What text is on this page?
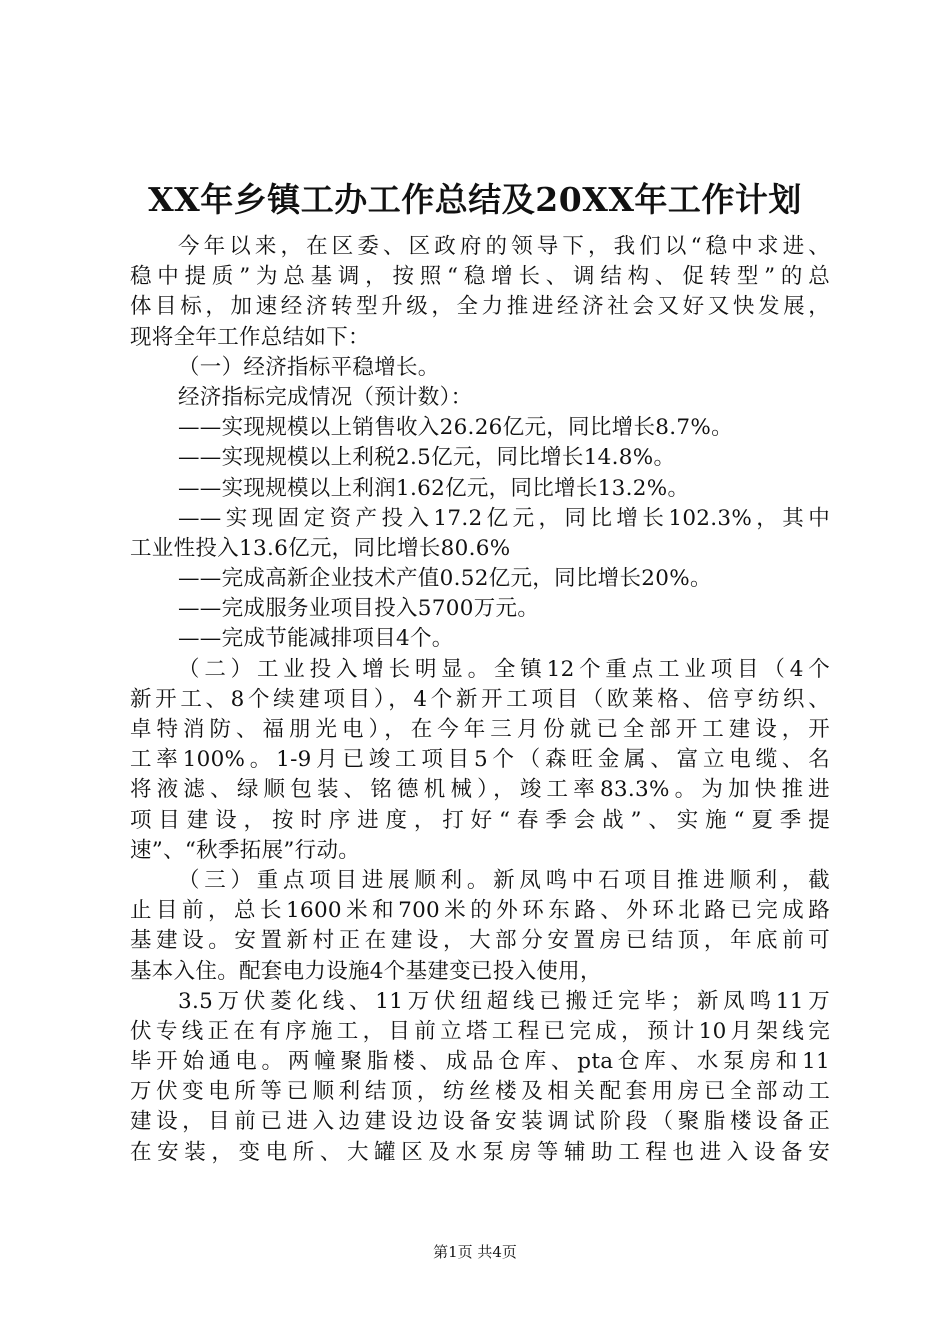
XX年乡镇工办工作总结及20XX年工作计划
今年以来，在区委、区政府的领导下，我们以“稳中求进、
稳中提质”为总基调，按照“稳增长、调结构、促转型”的总
体目标，加速经济转型升级，全力推进经济社会又好又快发展，
现将全年工作总结如下：
（一）经济指标平稳增长。
经济指标完成情况（预计数）：
——实现规模以上销售收入26.26亿元，同比增长8.7%。
——实现规模以上利税2.5亿元，同比增长14.8%。
——实现规模以上利润1.62亿元，同比增长13.2%。
——实现固定资产投入17.2亿元，同比增长102.3%，其中
工业性投入13.6亿元，同比增长80.6%
——完成高新企业技术产值0.52亿元，同比增长20%。
——完成服务业项目投入5700万元。
——完成节能减排项目4个。
（二）工业投入增长明显。全镇12个重点工业项目（4个
新开工、8个续建项目），4个新开工项目（欧莱格、倍亨纺织、
卓特消防、福朋光电），在今年三月份就已全部开工建设，开
工率100%。1-9月已竣工项目5个（森旺金属、富立电缆、名
将液滤、绿顺包装、铭德机械），竣工率83.3%。为加快推进
项目建设，按时序进度，打好“春季会战”、实施“夏季提
速”、“秋季拓展”行动。
（三）重点项目进展顺利。新凤鸣中石项目推进顺利，截
止目前，总长1600米和700米的外环东路、外环北路已完成路
基建设。安置新村正在建设，大部分安置房已结顶，年底前可
基本入住。配套电力设施4个基建变已投入使用，
3.5万伏菱化线、11万伏纽超线已搬迁完毕；新凤鸣11万
伏专线正在有序施工，目前立塔工程已完成，预计10月架线完
毕开始通电。两幢聚脂楼、成品仓库、pta仓库、水泵房和11
万伏变电所等已顺利结顶，纺丝楼及相关配套用房已全部动工
建设，目前已进入边建设边设备安装调试阶段（聚脂楼设备正
在安装，变电所、大罐区及水泵房等辅助工程也进入设备安
第1页 共4页
